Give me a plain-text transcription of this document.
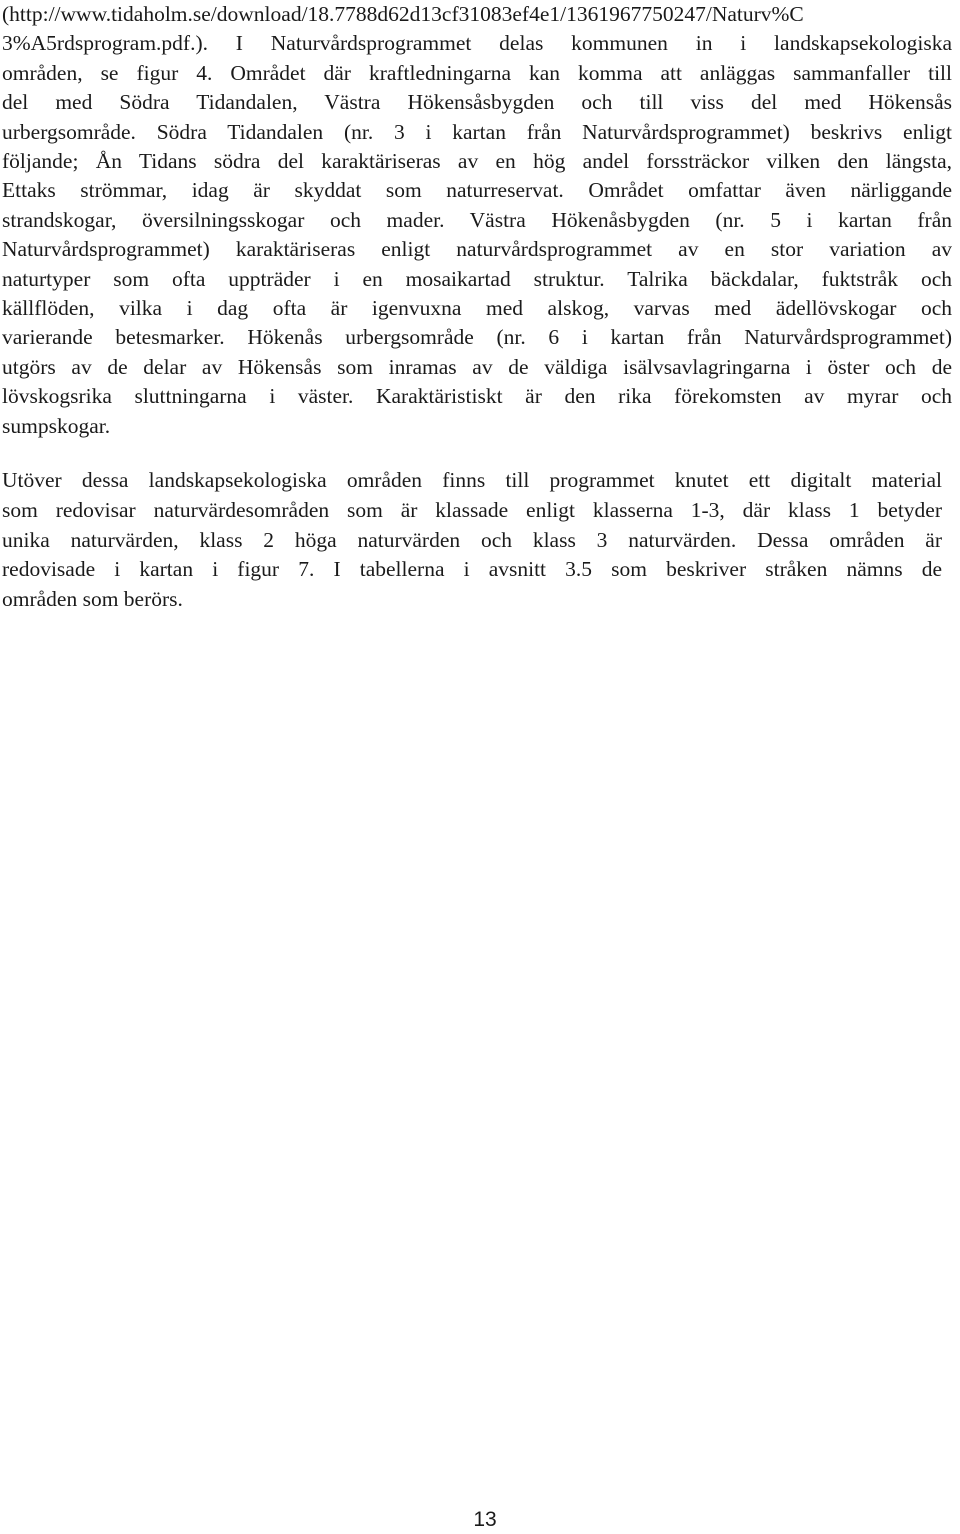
(http://www.tidaholm.se/download/18.7788d62d13cf31083ef4e1/1361967750247/Naturv%C
3%A5rdsprogram.pdf.). I Naturvårdsprogrammet delas kommunen in i landskapsekologiska
områden, se figur 4. Området där kraftledningarna kan komma att anläggas sammanfaller till
del med Södra Tidandalen, Västra Hökensåsbygden och till viss del med Hökensås
urbergsområde. Södra Tidandalen (nr. 3 i kartan från Naturvårdsprogrammet) beskrivs enligt
följande; Ån Tidans södra del karaktäriseras av en hög andel forssträckor vilken den längsta,
Ettaks strömmar, idag är skyddat som naturreservat. Området omfattar även närliggande
strandskogar, översilningsskogar och mader. Västra Hökenåsbygden (nr. 5 i kartan från
Naturvårdsprogrammet) karaktäriseras enligt naturvårdsprogrammet av en stor variation av
naturtyper som ofta uppträder i en mosaikartad struktur. Talrika bäckdalar, fuktstråk och
källflöden, vilka i dag ofta är igenvuxna med alskog, varvas med ädellövskogar och
varierande betesmarker. Hökenås urbergsområde (nr. 6 i kartan från Naturvårdsprogrammet)
utgörs av de delar av Hökensås som inramas av de väldiga isälvsavlagringarna i öster och de
lövskogsrika sluttningarna i väster. Karaktäristiskt är den rika förekomsten av myrar och
sumpskogar.
Utöver dessa landskapsekologiska områden finns till programmet knutet ett digitalt material
som redovisar naturvärdesområden som är klassade enligt klasserna 1-3, där klass 1 betyder
unika naturvärden, klass 2 höga naturvärden och klass 3 naturvärden. Dessa områden är
redovisade i kartan i figur 7. I tabellerna i avsnitt 3.5 som beskriver stråken nämns de
områden som berörs.
13
